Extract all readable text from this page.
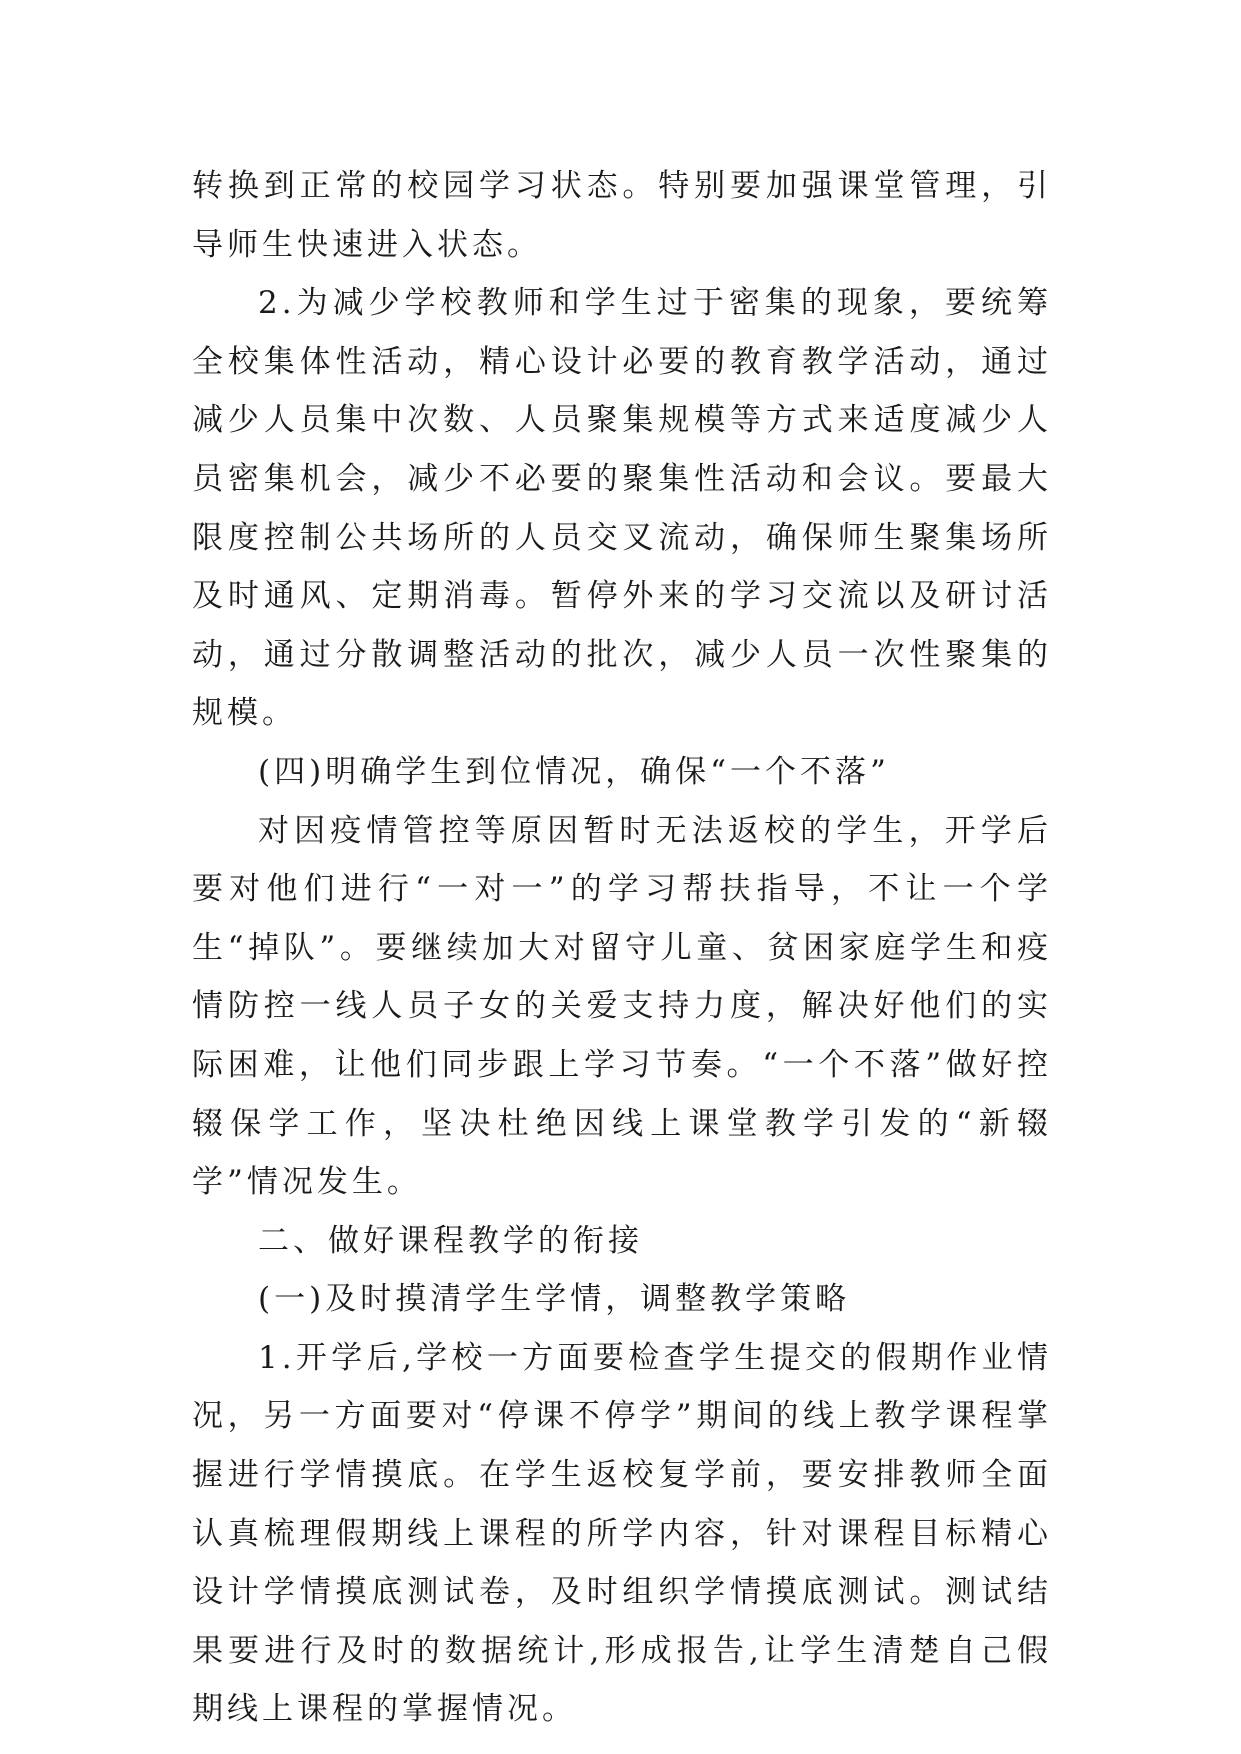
转换到正常的校园学习状态。特别要加强课堂管理，引导师生快速进入状态。

2.为减少学校教师和学生过于密集的现象，要统筹全校集体性活动，精心设计必要的教育教学活动，通过减少人员集中次数、人员聚集规模等方式来适度减少人员密集机会，减少不必要的聚集性活动和会议。要最大限度控制公共场所的人员交叉流动，确保师生聚集场所及时通风、定期消毒。暂停外来的学习交流以及研讨活动，通过分散调整活动的批次，减少人员一次性聚集的规模。

(四)明确学生到位情况，确保“一个不落”

对因疫情管控等原因暂时无法返校的学生，开学后要对他们进行“一对一”的学习帮扶指导，不让一个学生“掉队”。要继续加大对留守儿童、贫困家庭学生和疫情防控一线人员子女的关爱支持力度，解决好他们的实际困难，让他们同步跟上学习节奏。“一个不落”做好控辍保学工作，坚决杜绝因线上课堂教学引发的“新辍学”情况发生。

二、做好课程教学的衔接

(一)及时摸清学生学情，调整教学策略

1.开学后,学校一方面要检查学生提交的假期作业情况，另一方面要对“停课不停学”期间的线上教学课程掌握进行学情摸底。在学生返校复学前，要安排教师全面认真梳理假期线上课程的所学内容，针对课程目标精心设计学情摸底测试卷，及时组织学情摸底测试。测试结果要进行及时的数据统计,形成报告,让学生清楚自己假期线上课程的掌握情况。
